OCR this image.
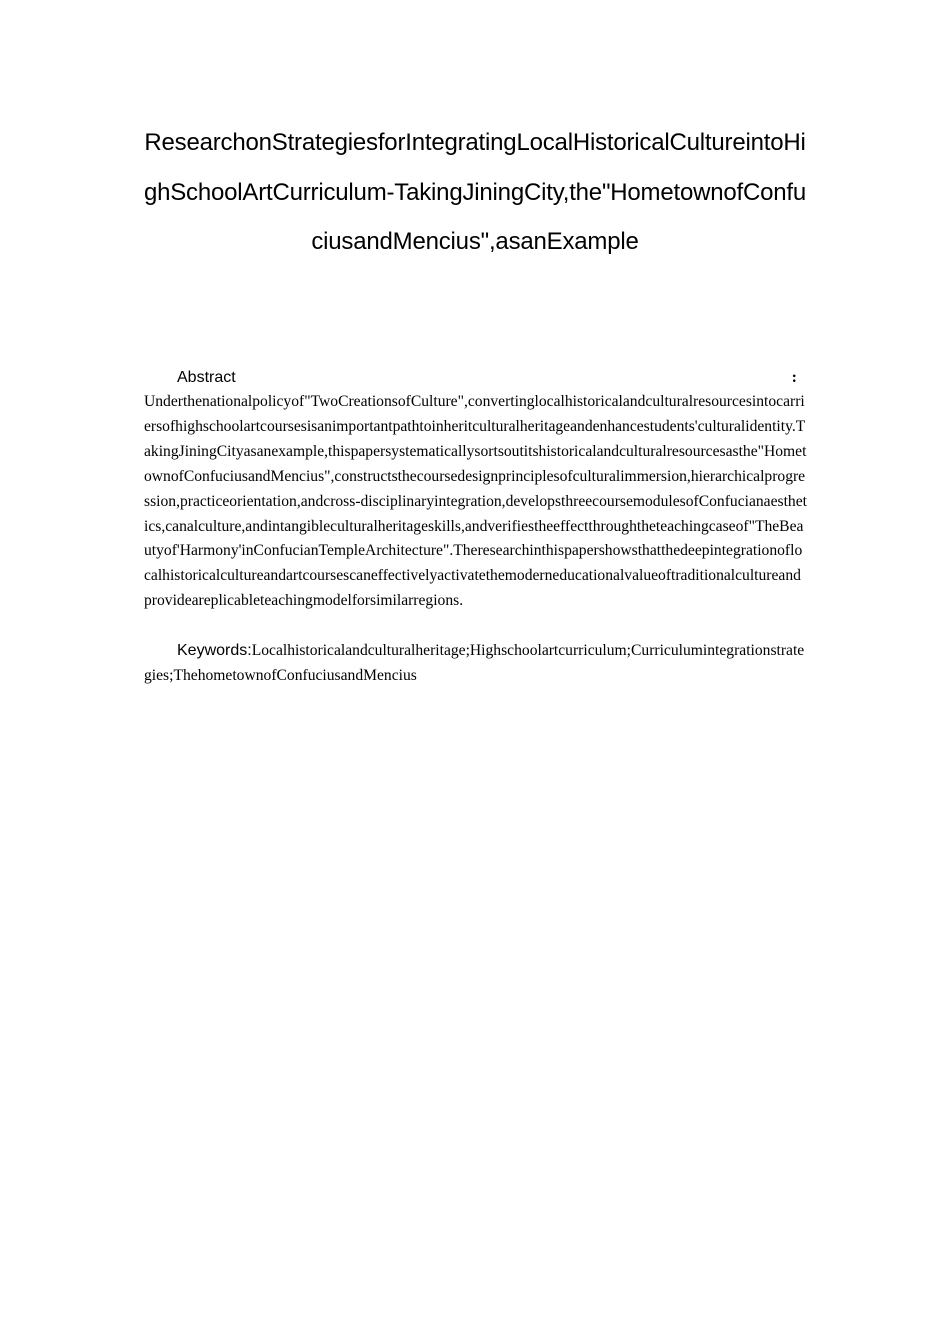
ResearchonStrategiesforIntegratingLocalHistoricalCultureintoHighSchoolArtCurriculum-TakingJiningCity,the"HometownofConfuciusandMencius",asanExample
Abstract	:

Underthenationalpolicyof"TwoCreationsofCulture",convertinglocalhistoricalandculturalresourcesintocarriersofhighschoolartcoursesisanimportantpathtoinheritculturalheritageandenhancestudents'culturalidentity.TakingJiningCityasanexample,thispapersystematicallysortsoutitshistoricalandculturalresourcesasthe"HometownofConfuciusandMencius",constructsthecoursedesignprinciplesofculturalimmersion,hierarchicalprogression,practiceorientation,andcross-disciplinaryintegration,developsthreecoursemodulesofConfucianaesthetics,canalculture,andintangibleculturalheritageskills,andverifiestheeffectthroughtheteachingcaseof"TheBeautyof'Harmony'inConfucianTempleArchitecture".Theresearchinthispapershowsthatthedeepintegrationoflocalhistoricalcultureandartcoursescaneffectivelyactivatethemoderneducationalvalueoftraditionalcultureandprovideareplicableteachingmodelforsimilarregions.

Keywords:Localhistoricalandculturalheritage;Highschoolartcurriculum;Curriculumintegrationstrategies;ThehometownofConfuciusandMencius
